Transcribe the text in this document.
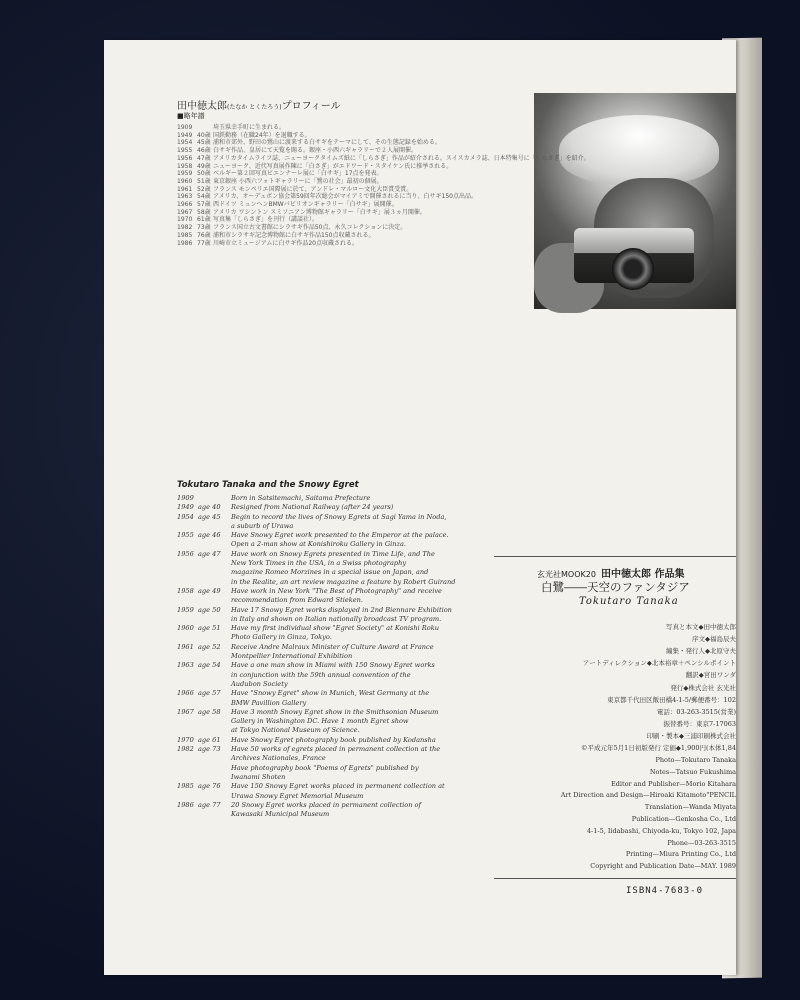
田中徳太郎(たなか とくたろう)プロフィール
■略年譜
1909	埼玉県幸手町に生まれる。
1949 40歳 国鉄勤務（在職24年）を退職する。
1954 45歳 浦和市郊外、野田の鷺山に渡来する白サギをテーマにして、その生態記録を始める。
1955 46歳 白サギ作品、皇居にて天覧を賜る。銀座・小西六ギャラリーで２人展開催。
1956 47歳 アメリカタイムライフ誌、ニューヨークタイムズ紙に「しらさぎ」作品が紹介される。スイスカメラ誌、日本特集号に「しらさぎ」を紹介。
1958 49歳 ニューヨーク、近代写真展作陳に「白さぎ」がエドワード・スタイケン氏に推挙される。
1959 50歳 ベルギー第２回写真ビエンナーレ展に「白サギ」17点を発表。
1960 51歳 東京銀座 小西六フォトギャラリーに「鷺の社会」最初の個展。
1961 52歳 フランス モンペリエ国際展に於て、アンドレ・マルロー文化大臣賞受賞。
1963 54歳 アメリカ、オーデュボン協会第59回年次総会がマイアミで開催されるに当り、白サギ150点出品。
1966 57歳 西ドイツ ミュンヘンBMWパビリオンギャラリー「白サギ」展開催。
1967 58歳 アメリカ ワシントン スミソニアン博物館ギャラリー「白サギ」展３ヵ月開催。
1970 61歳 写真集「しらさぎ」を刊行（講談社）。
1982 73歳 フランス国立古文書館にシラサギ作品50点、永久コレクションに決定。
1985 76歳 浦和市シラサギ記念博物館に白サギ作品150点収蔵される。
1986 77歳 川崎市立ミュージアムに白サギ作品20点収蔵される。
Tokutaro Tanaka and the Snowy Egret
1909	Born in Satsitemachi, Saitama Prefecture
1949 age 40	Resigned from National Railway (after 24 years)
1954 age 45	Begin to record the lives of Snowy Egrets at Sagi Yama in Noda,
a suburb of Urawa
1955 age 46	Have Snowy Egret work presented to the Emperor at the palace.
Open a 2-man show at Konishiroku Gallery in Ginza.
1956 age 47	Have work on Snowy Egrets presented in Time Life, and The
New York Times in the USA, in a Swiss photography
magazine Romeo Morzines in a special issue on Japan, and
in the Realite, an art review magazine a feature by Robert Guirand
1958 age 49	Have work in New York "The Best of Photography" and receive
recommendation from Edward Stieken.
1959 age 50	Have 17 Snowy Egret works displayed in 2nd Biennare Exhibition
in Italy and shown on Italian nationally broadcast TV program.
1960 age 51	Have my first individual show "Egret Society" at Konishi Roku
Photo Gallery in Ginza, Tokyo.
1961 age 52	Receive Andre Malraux Minister of Culture Award at France
Montpellier International Exhibition
1963 age 54	Have a one man show in Miami with 150 Snowy Egret works
in conjunction with the 59th annual convention of the
Audubon Society
1966 age 57	Have "Snowy Egret" show in Munich, West Germany at the
BMW Pavillion Gallery
1967 age 58	Have 3 month Snowy Egret show in the Smithsonian Museum
Gallery in Washington DC. Have 1 month Egret show
at Tokyo National Museum of Science.
1970 age 61	Have Snowy Egret photography book published by Kodansha
1982 age 73	Have 50 works of egrets placed in permanent collection at the
Archives Nationales, France
Have photography book "Poems of Egrets" published by
Iwanami Shoten
1985 age 76	Have 150 Snowy Egret works placed in permanent collection at
Urawa Snowy Egret Memorial Museum
1986 age 77	20 Snowy Egret works placed in permanent collection of
Kawasaki Municipal Museum
玄光社MOOK20 田中徳太郎 作品集
白鷺――天空のファンタジア
Tokutaro Tanaka
写真と本文◆田中徳太郎
序文◆福島辰夫
編集・発行人◆北原守夫
アートディレクション◆北本裕章＋ペンシルポイント
翻訳◆宮田ワンダ
発行◆株式会社 玄光社
東京都千代田区飯田橋4-1-5/郵便番号：102
電話：03-263-3515(営業)
振替番号：東京7-17063
印刷・製本◆三浦印刷株式会社
©平成元年5月1日初版発行 定価◆1,900円(本体1,84
Photo—Tokutaro Tanaka
Notes—Tatsuo Fukushima
Editor and Publisher—Morio Kitahara
Art Direction and Design—Hiroaki Kitamoto"PENCIL
Translation—Wanda Miyata
Publication—Genkosha Co., Ltd
4-1-5, Iidabashi, Chiyoda-ku, Tokyo 102, Japa
Phone—03-263-3515
Printing—Miura Printing Co., Ltd
Copyright and Publication Date—MAY. 1989
ISBN4-7683-0
